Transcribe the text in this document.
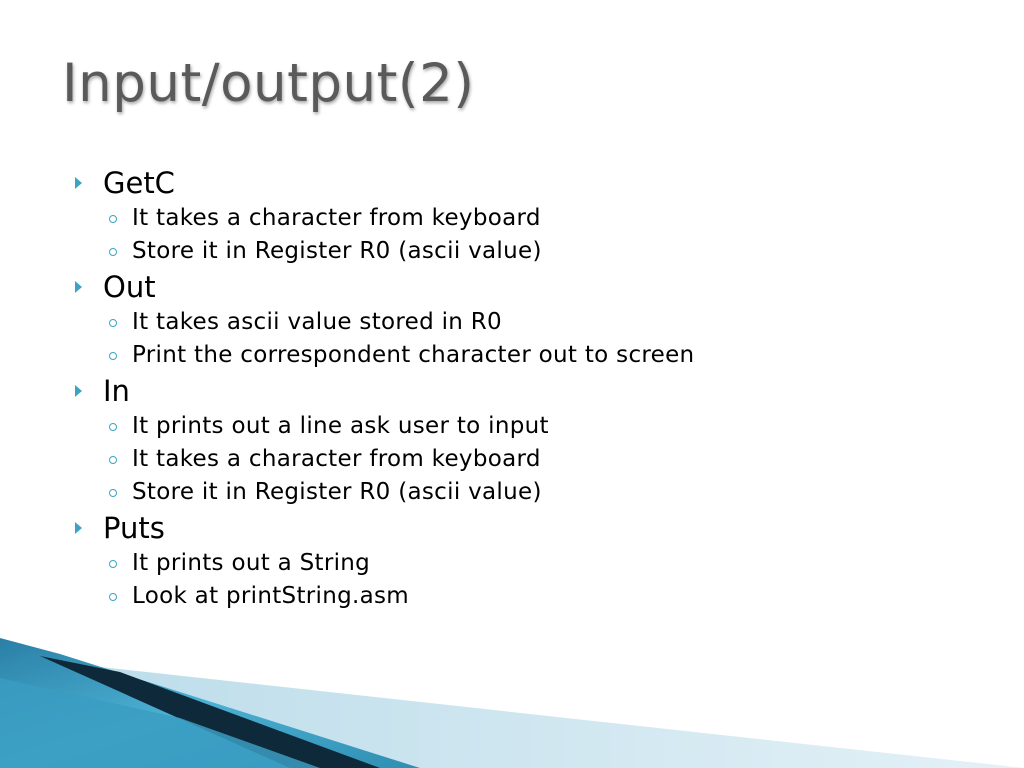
Input/output(2)
GetC
It takes a character from keyboard
Store it in Register R0 (ascii value)
Out
It takes ascii value stored in R0
Print the correspondent character out to screen
In
It prints out a line ask user to input
It takes a character from keyboard
Store it in Register R0 (ascii value)
Puts
It prints out a String
Look at printString.asm
